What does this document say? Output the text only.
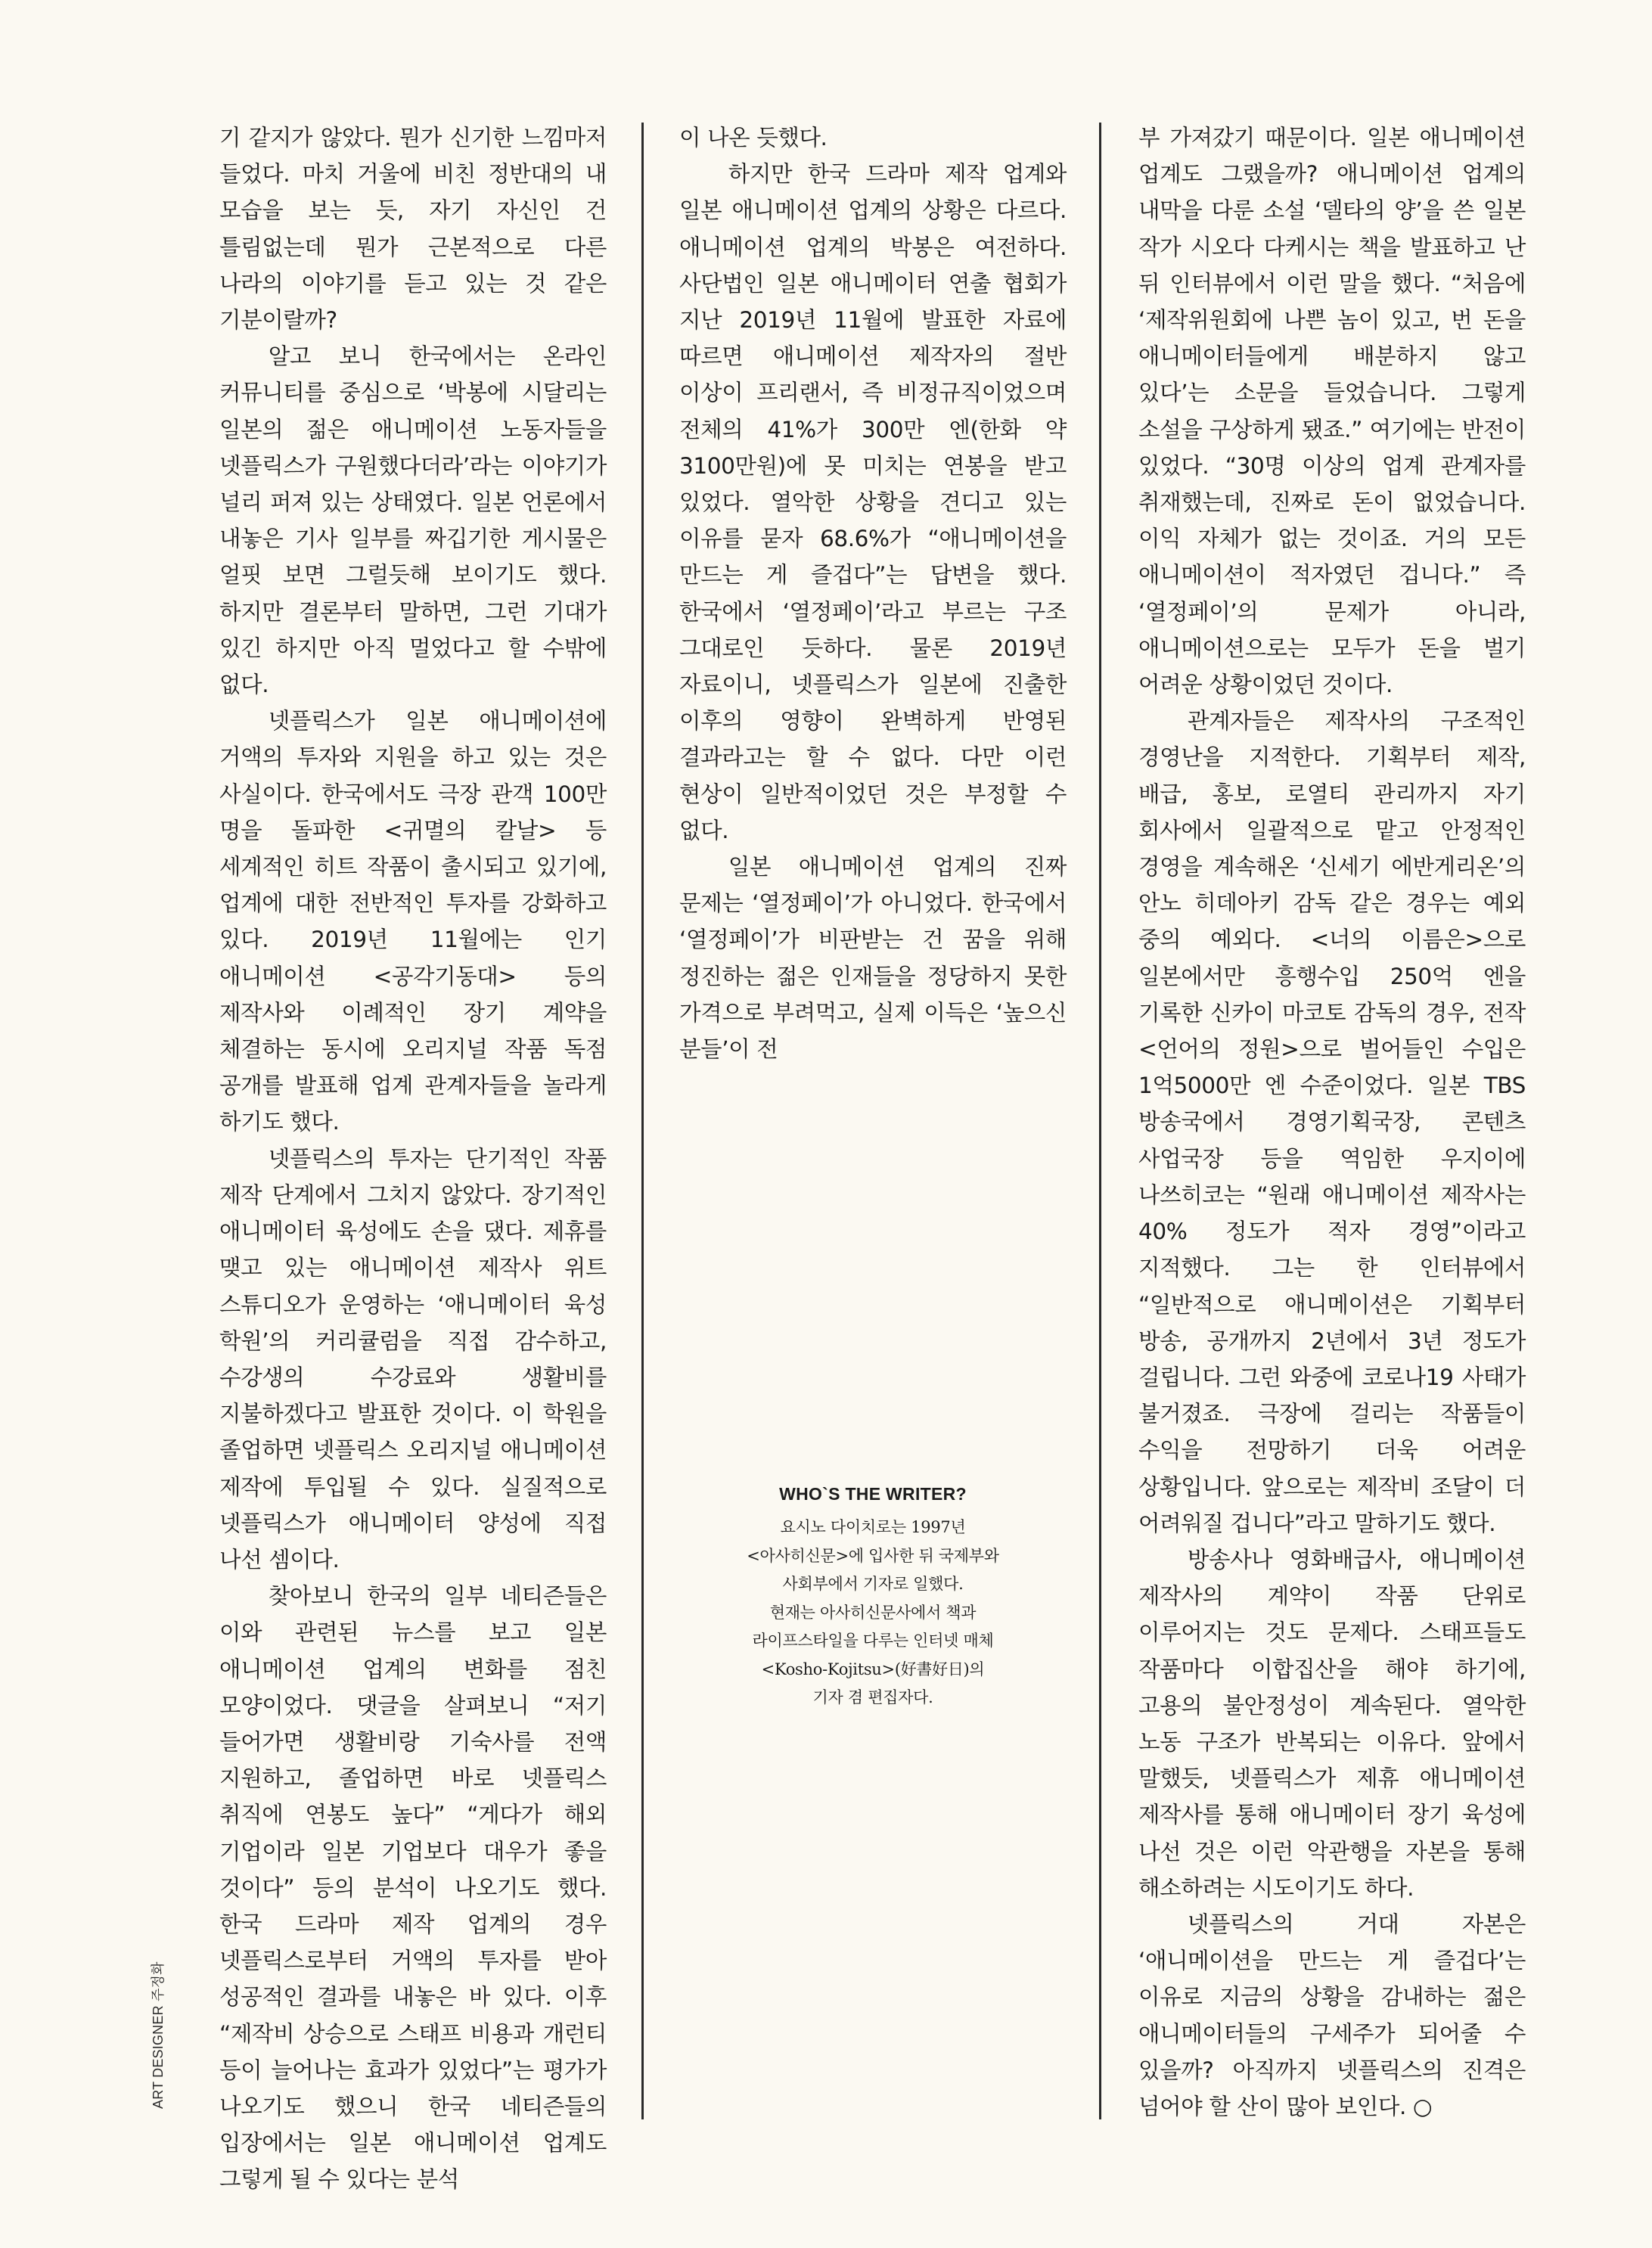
기 같지가 않았다. 뭔가 신기한 느낌마저 들었다. 마치 거울에 비친 정반대의 내 모습을 보는 듯, 자기 자신인 건 틀림없는데 뭔가 근본적으로 다른 나라의 이야기를 듣고 있는 것 같은 기분이랄까?

알고 보니 한국에서는 온라인 커뮤니티를 중심으로 ‘박봉에 시달리는 일본의 젊은 애니메이션 노동자들을 넷플릭스가 구원했다더라’라는 이야기가 널리 퍼져 있는 상태였다. 일본 언론에서 내놓은 기사 일부를 짜깁기한 게시물은 얼핏 보면 그럴듯해 보이기도 했다. 하지만 결론부터 말하면, 그런 기대가 있긴 하지만 아직 멀었다고 할 수밖에 없다.

넷플릭스가 일본 애니메이션에 거액의 투자와 지원을 하고 있는 것은 사실이다. 한국에서도 극장 관객 100만 명을 돌파한 <귀멸의 칼날> 등 세계적인 히트 작품이 출시되고 있기에, 업계에 대한 전반적인 투자를 강화하고 있다. 2019년 11월에는 인기 애니메이션 <공각기동대> 등의 제작사와 이례적인 장기 계약을 체결하는 동시에 오리지널 작품 독점 공개를 발표해 업계 관계자들을 놀라게 하기도 했다.

넷플릭스의 투자는 단기적인 작품 제작 단계에서 그치지 않았다. 장기적인 애니메이터 육성에도 손을 댔다. 제휴를 맺고 있는 애니메이션 제작사 위트 스튜디오가 운영하는 ‘애니메이터 육성 학원’의 커리큘럼을 직접 감수하고, 수강생의 수강료와 생활비를 지불하겠다고 발표한 것이다. 이 학원을 졸업하면 넷플릭스 오리지널 애니메이션 제작에 투입될 수 있다. 실질적으로 넷플릭스가 애니메이터 양성에 직접 나선 셈이다.

찾아보니 한국의 일부 네티즌들은 이와 관련된 뉴스를 보고 일본 애니메이션 업계의 변화를 점친 모양이었다. 댓글을 살펴보니 “저기 들어가면 생활비랑 기숙사를 전액 지원하고, 졸업하면 바로 넷플릭스 취직에 연봉도 높다” “게다가 해외 기업이라 일본 기업보다 대우가 좋을 것이다” 등의 분석이 나오기도 했다. 한국 드라마 제작 업계의 경우 넷플릭스로부터 거액의 투자를 받아 성공적인 결과를 내놓은 바 있다. 이후 “제작비 상승으로 스태프 비용과 개런티 등이 늘어나는 효과가 있었다”는 평가가 나오기도 했으니 한국 네티즌들의 입장에서는 일본 애니메이션 업계도 그렇게 될 수 있다는 분석

이 나온 듯했다.

하지만 한국 드라마 제작 업계와 일본 애니메이션 업계의 상황은 다르다. 애니메이션 업계의 박봉은 여전하다. 사단법인 일본 애니메이터 연출 협회가 지난 2019년 11월에 발표한 자료에 따르면 애니메이션 제작자의 절반 이상이 프리랜서, 즉 비정규직이었으며 전체의 41%가 300만 엔(한화 약 3100만원)에 못 미치는 연봉을 받고 있었다. 열악한 상황을 견디고 있는 이유를 묻자 68.6%가 “애니메이션을 만드는 게 즐겁다”는 답변을 했다. 한국에서 ‘열정페이’라고 부르는 구조 그대로인 듯하다. 물론 2019년 자료이니, 넷플릭스가 일본에 진출한 이후의 영향이 완벽하게 반영된 결과라고는 할 수 없다. 다만 이런 현상이 일반적이었던 것은 부정할 수 없다.

일본 애니메이션 업계의 진짜 문제는 ‘열정페이’가 아니었다. 한국에서 ‘열정페이’가 비판받는 건 꿈을 위해 정진하는 젊은 인재들을 정당하지 못한 가격으로 부려먹고, 실제 이득은 ‘높으신 분들’이 전

WHO`S THE WRITER?
요시노 다이치로는 1997년
<아사히신문>에 입사한 뒤 국제부와
사회부에서 기자로 일했다.
현재는 아사히신문사에서 책과
라이프스타일을 다루는 인터넷 매체
<Kosho-Kojitsu>(好書好日)의
기자 겸 편집자다.

부 가져갔기 때문이다. 일본 애니메이션 업계도 그랬을까? 애니메이션 업계의 내막을 다룬 소설 ‘델타의 양’을 쓴 일본 작가 시오다 다케시는 책을 발표하고 난 뒤 인터뷰에서 이런 말을 했다. “처음에 ‘제작위원회에 나쁜 놈이 있고, 번 돈을 애니메이터들에게 배분하지 않고 있다’는 소문을 들었습니다. 그렇게 소설을 구상하게 됐죠.” 여기에는 반전이 있었다. “30명 이상의 업계 관계자를 취재했는데, 진짜로 돈이 없었습니다. 이익 자체가 없는 것이죠. 거의 모든 애니메이션이 적자였던 겁니다.” 즉 ‘열정페이’의 문제가 아니라, 애니메이션으로는 모두가 돈을 벌기 어려운 상황이었던 것이다.

관계자들은 제작사의 구조적인 경영난을 지적한다. 기획부터 제작, 배급, 홍보, 로열티 관리까지 자기 회사에서 일괄적으로 맡고 안정적인 경영을 계속해온 ‘신세기 에반게리온’의 안노 히데아키 감독 같은 경우는 예외 중의 예외다. <너의 이름은>으로 일본에서만 흥행수입 250억 엔을 기록한 신카이 마코토 감독의 경우, 전작 <언어의 정원>으로 벌어들인 수입은 1억5000만 엔 수준이었다. 일본 TBS 방송국에서 경영기획국장, 콘텐츠 사업국장 등을 역임한 우지이에 나쓰히코는 “원래 애니메이션 제작사는 40% 정도가 적자 경영”이라고 지적했다. 그는 한 인터뷰에서 “일반적으로 애니메이션은 기획부터 방송, 공개까지 2년에서 3년 정도가 걸립니다. 그런 와중에 코로나19 사태가 불거졌죠. 극장에 걸리는 작품들이 수익을 전망하기 더욱 어려운 상황입니다. 앞으로는 제작비 조달이 더 어려워질 겁니다”라고 말하기도 했다.

방송사나 영화배급사, 애니메이션 제작사의 계약이 작품 단위로 이루어지는 것도 문제다. 스태프들도 작품마다 이합집산을 해야 하기에, 고용의 불안정성이 계속된다. 열악한 노동 구조가 반복되는 이유다. 앞에서 말했듯, 넷플릭스가 제휴 애니메이션 제작사를 통해 애니메이터 장기 육성에 나선 것은 이런 악관행을 자본을 통해 해소하려는 시도이기도 하다.

넷플릭스의 거대 자본은 ‘애니메이션을 만드는 게 즐겁다’는 이유로 지금의 상황을 감내하는 젊은 애니메이터들의 구세주가 되어줄 수 있을까? 아직까지 넷플릭스의 진격은 넘어야 할 산이 많아 보인다. ○

ART DESIGNER 주정화
